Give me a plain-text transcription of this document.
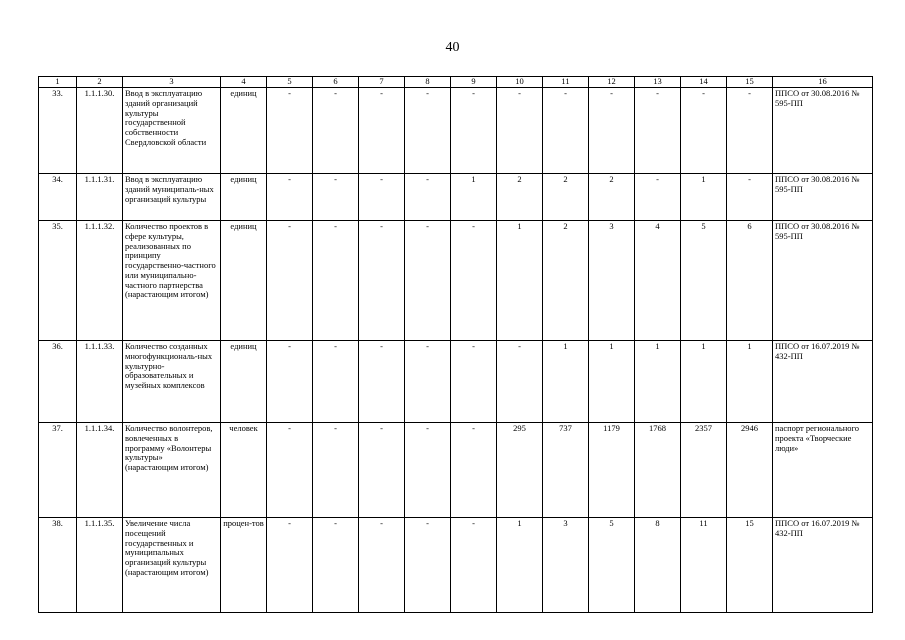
40
1	2	3	4	5	6	7	8	9	10	11	12	13	14	15	16
33.	1.1.1.30.	Ввод в эксплуатацию зданий организаций культуры государственной собственности Свердловской области	единиц	-	-	-	-	-	-	-	-	-	-	-	ППСО от 30.08.2016 № 595-ПП
34.	1.1.1.31.	Ввод в эксплуатацию зданий муниципаль-ных организаций культуры	единиц	-	-	-	-	1	2	2	2	-	1	-	ППСО от 30.08.2016 № 595-ПП
35.	1.1.1.32.	Количество проектов в сфере культуры, реализованных по принципу государственно-частного или муниципально-частного партнерства (нарастающим итогом)	единиц	-	-	-	-	-	1	2	3	4	5	6	ППСО от 30.08.2016 № 595-ПП
36.	1.1.1.33.	Количество созданных многофункциональ-ных культурно-образовательных и музейных комплексов	единиц	-	-	-	-	-	-	1	1	1	1	1	ППСО от 16.07.2019 № 432-ПП
37.	1.1.1.34.	Количество волонтеров, вовлеченных в программу «Волонтеры культуры» (нарастающим итогом)	человек	-	-	-	-	-	295	737	1179	1768	2357	2946	паспорт регионального проекта «Творческие люди»
38.	1.1.1.35.	Увеличение числа посещений государственных и муниципальных организаций культуры (нарастающим итогом)	процен-тов	-	-	-	-	-	1	3	5	8	11	15	ППСО от 16.07.2019 № 432-ПП
